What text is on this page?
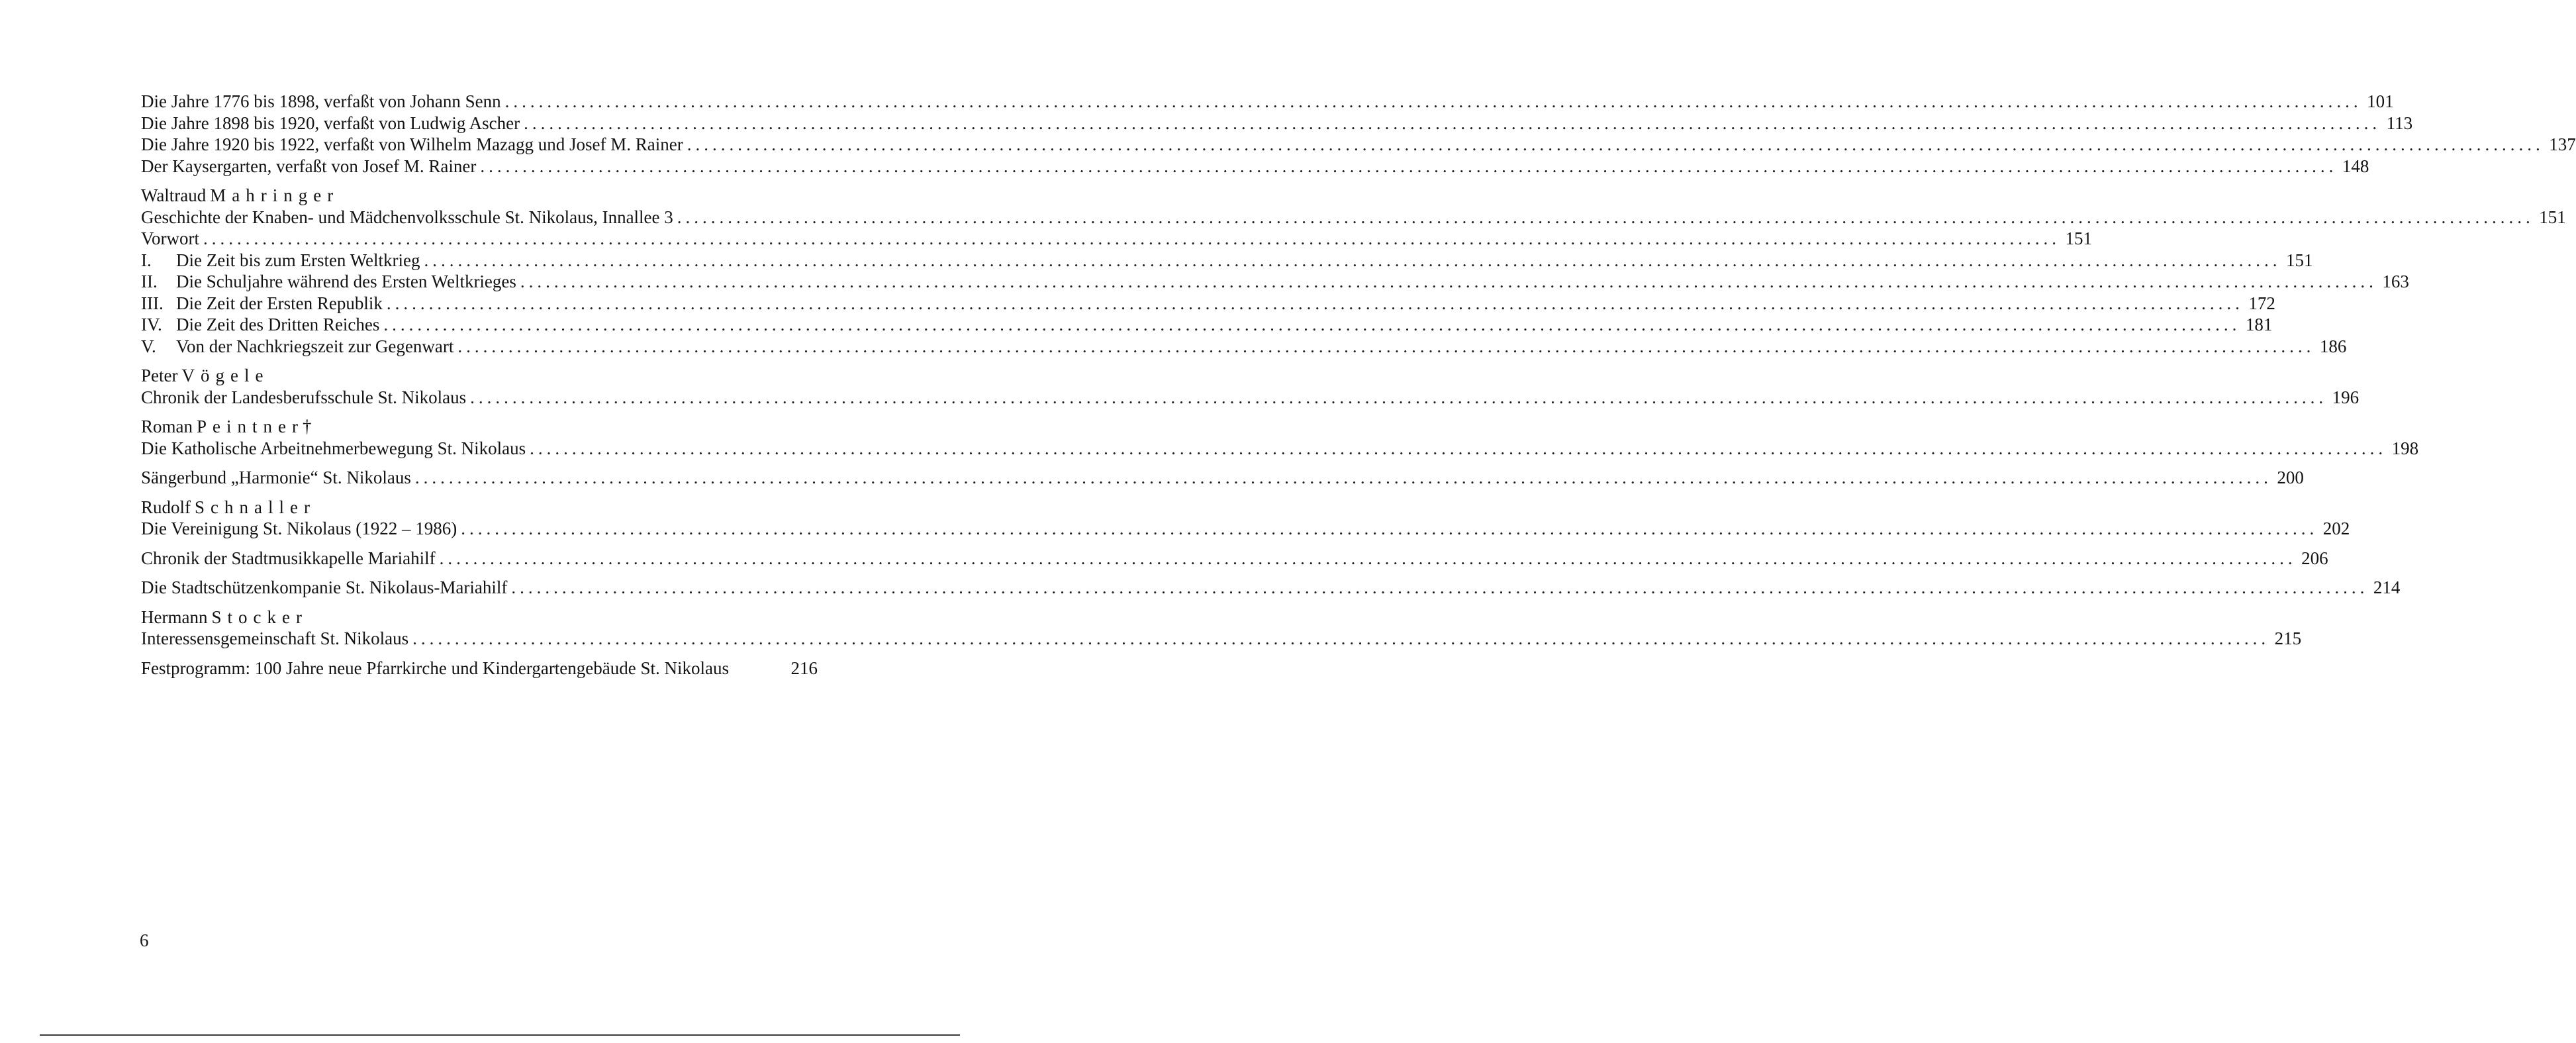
Die Jahre 1776 bis 1898, verfaßt von Johann Senn ............................................................................................................................................................................................................................ 101
Die Jahre 1898 bis 1920, verfaßt von Ludwig Ascher ............................................................................................................................................................................................................................ 113
Die Jahre 1920 bis 1922, verfaßt von Wilhelm Mazagg und Josef M. Rainer ............................................................................................................................................................................................................................ 137
Der Kaysergarten, verfaßt von Josef M. Rainer ............................................................................................................................................................................................................................ 148
Waltraud Mahringer
Geschichte der Knaben- und Mädchenvolksschule St. Nikolaus, Innallee 3 ............................................................................................................................................................................................................................ 151
Vorwort ............................................................................................................................................................................................................................ 151
I.	Die Zeit bis zum Ersten Weltkrieg ............................................................................................................................................................................................................................ 151
II.	Die Schuljahre während des Ersten Weltkrieges ............................................................................................................................................................................................................................ 163
III. Die Zeit der Ersten Republik ............................................................................................................................................................................................................................ 172
IV. Die Zeit des Dritten Reiches ............................................................................................................................................................................................................................ 181
V.	Von der Nachkriegszeit zur Gegenwart ............................................................................................................................................................................................................................ 186
Peter Vögele
Chronik der Landesberufsschule St. Nikolaus ............................................................................................................................................................................................................................ 196
Roman Peintner†
Die Katholische Arbeitnehmerbewegung St. Nikolaus ............................................................................................................................................................................................................................ 198
Sängerbund „Harmonie“ St. Nikolaus ............................................................................................................................................................................................................................ 200
Rudolf Schnaller
Die Vereinigung St. Nikolaus (1922 – 1986) ............................................................................................................................................................................................................................ 202
Chronik der Stadtmusikkapelle Mariahilf ............................................................................................................................................................................................................................ 206
Die Stadtschützenkompanie St. Nikolaus-Mariahilf ............................................................................................................................................................................................................................ 214
Hermann Stocker
Interessensgemeinschaft St. Nikolaus ............................................................................................................................................................................................................................ 215
Festprogramm: 100 Jahre neue Pfarrkirche und Kindergartengebäude St. Nikolaus	216
6
